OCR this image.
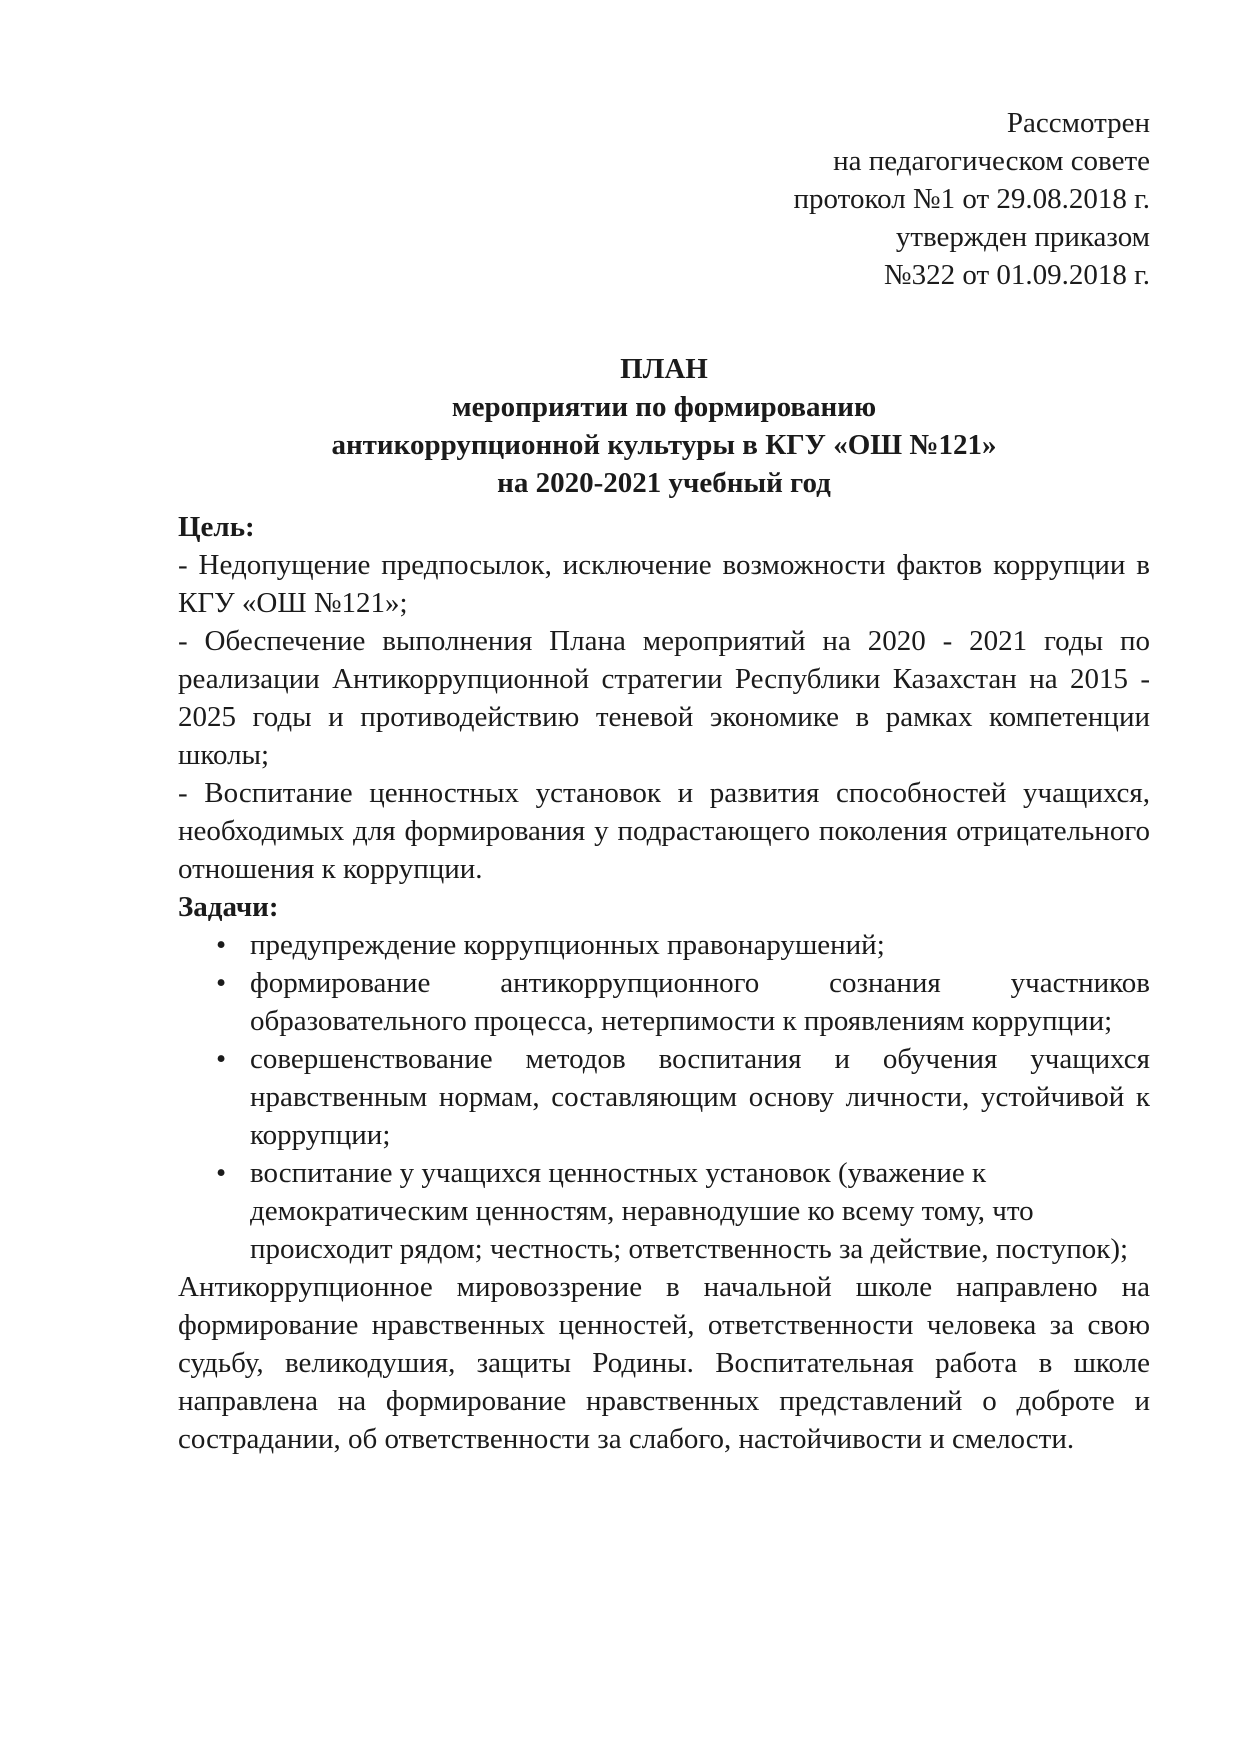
Рассмотрен
на педагогическом совете
протокол №1 от 29.08.2018 г.
утвержден приказом
№322 от 01.09.2018 г.
ПЛАН
мероприятии по формированию
антикоррупционной культуры в КГУ «ОШ №121»
на 2020-2021 учебный год

Цель:

- Недопущение предпосылок, исключение возможности фактов коррупции в КГУ «ОШ №121»;

- Обеспечение выполнения Плана мероприятий на 2020 - 2021 годы по реализации Антикоррупционной стратегии Республики Казахстан на 2015 - 2025 годы и противодействию теневой экономике в рамках компетенции школы;

- Воспитание ценностных установок и развития способностей учащихся, необходимых для формирования у подрастающего поколения отрицательного отношения к коррупции.

Задачи:

• предупреждение коррупционных правонарушений;
• формирование антикоррупционного сознания участников образовательного процесса, нетерпимости к проявлениям коррупции;
• совершенствование методов воспитания и обучения учащихся нравственным нормам, составляющим основу личности, устойчивой к коррупции;
• воспитание у учащихся ценностных установок (уважение к демократическим ценностям, неравнодушие ко всему тому, что происходит рядом; честность; ответственность за действие, поступок);

Антикоррупционное мировоззрение в начальной школе направлено на формирование нравственных ценностей, ответственности человека за свою судьбу, великодушия, защиты Родины. Воспитательная работа в школе направлена на формирование нравственных представлений о доброте и сострадании, об ответственности за слабого, настойчивости и смелости.
